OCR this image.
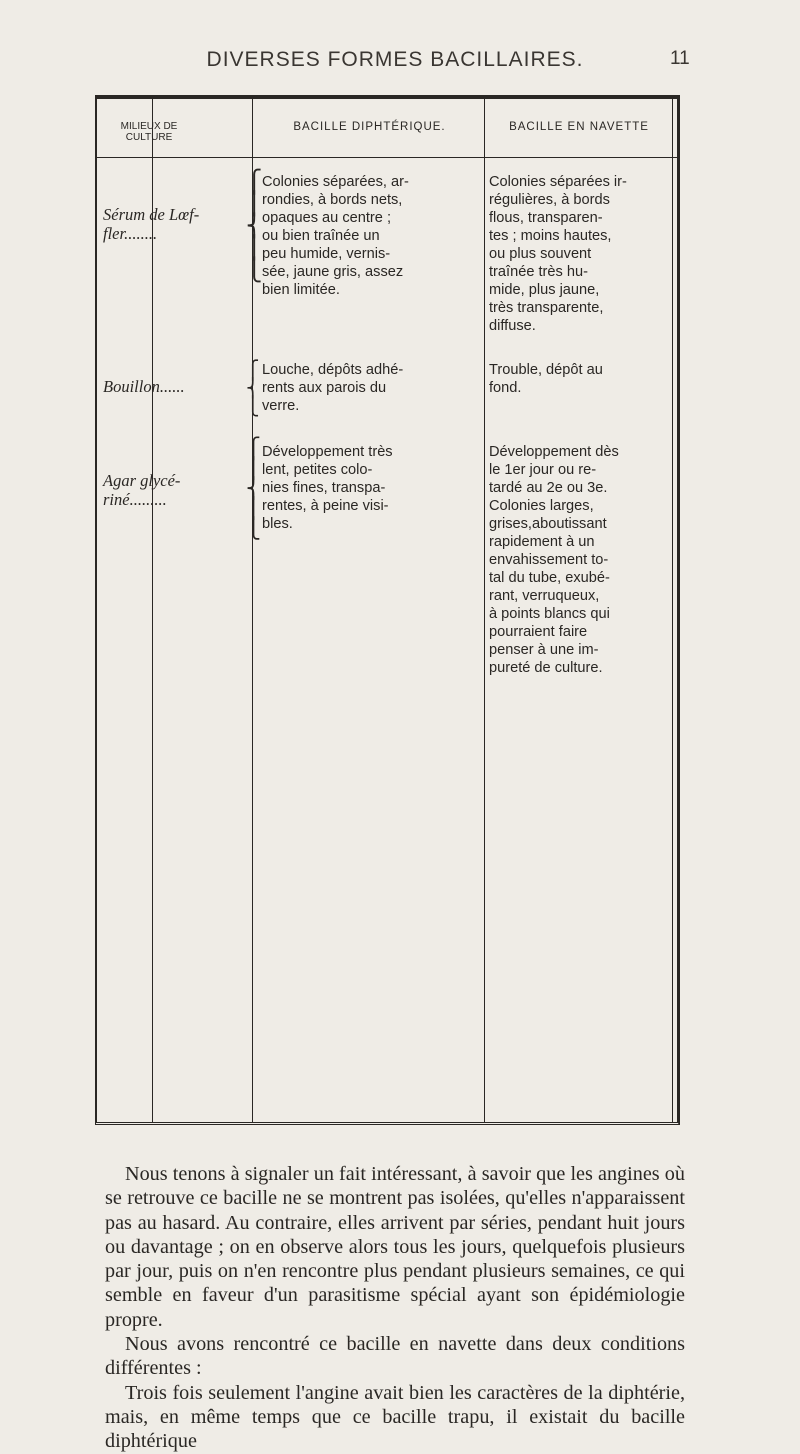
DIVERSES FORMES BACILLAIRES.	11
MILIEUX DE CULTURE
BACILLE DIPHTÉRIQUE.	BACILLE EN NAVETTE
Sérum de Lœf-
fler........
⎧
⎪
⎨
⎪
⎩
Colonies séparées, ar-
rondies, à bords nets,
opaques au centre ;
ou bien traînée un
peu humide, vernis-
sée, jaune gris, assez
bien limitée.
Colonies séparées ir-
régulières, à bords
flous, transparen-
tes ; moins hautes,
ou plus souvent
traînée très hu-
mide, plus jaune,
très transparente,
diffuse.
Bouillon......
⎧
⎨
⎩
Louche, dépôts adhé-
rents aux parois du
verre.
Trouble, dépôt au
fond.
Agar glycé-
riné.........
⎧
⎪
⎨
⎪
⎩
Développement très
lent, petites colo-
nies fines, transpa-
rentes, à peine visi-
bles.
Développement dès
le 1er jour ou re-
tardé au 2e ou 3e.
Colonies larges,
grises,aboutissant
rapidement à un
envahissement to-
tal du tube, exubé-
rant, verruqueux,
à points blancs qui
pourraient faire
penser à une im-
pureté de culture.

Nous tenons à signaler un fait intéressant, à savoir que les angines où se retrouve ce bacille ne se montrent pas isolées, qu'elles n'apparaissent pas au hasard. Au contraire, elles arrivent par séries, pendant huit jours ou davantage ; on en observe alors tous les jours, quelquefois plusieurs par jour, puis on n'en rencontre plus pendant plusieurs semaines, ce qui semble en faveur d'un parasitisme spécial ayant son épidémiologie propre.

Nous avons rencontré ce bacille en navette dans deux conditions différentes :

Trois fois seulement l'angine avait bien les caractères de la diphtérie, mais, en même temps que ce bacille trapu, il existait du bacille diphtérique
